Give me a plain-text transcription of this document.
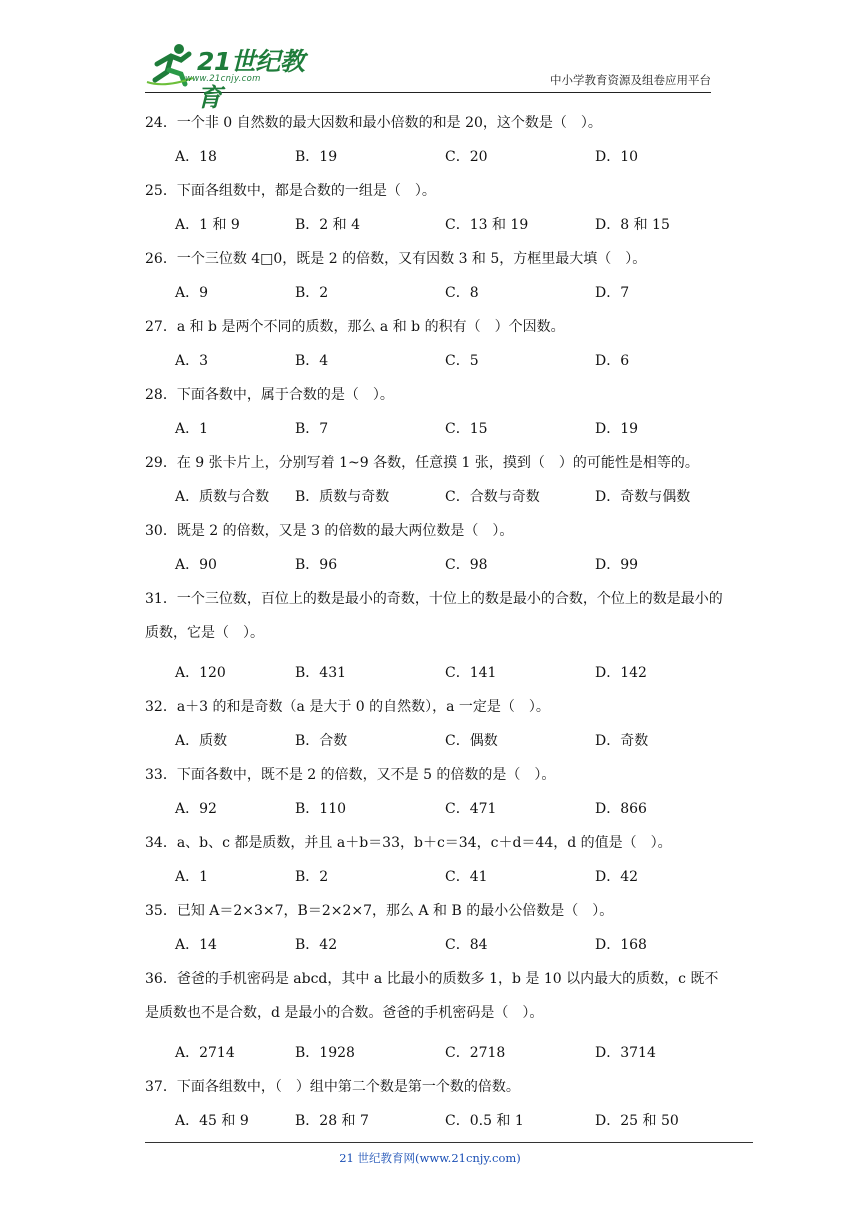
21世纪教育
www.21cnjy.com	中小学教育资源及组卷应用平台

24．一个非 0 自然数的最大因数和最小倍数的和是 20，这个数是（　）。

A．18	B．19	C．20	D．10

25．下面各组数中，都是合数的一组是（　）。

A．1 和 9	B．2 和 4	C．13 和 19	D．8 和 15

26．一个三位数 4□0，既是 2 的倍数，又有因数 3 和 5，方框里最大填（　）。

A．9	B．2	C．8	D．7

27．a 和 b 是两个不同的质数，那么 a 和 b 的积有（　）个因数。

A．3	B．4	C．5	D．6

28．下面各数中，属于合数的是（　）。

A．1	B．7	C．15	D．19

29．在 9 张卡片上，分别写着 1~9 各数，任意摸 1 张，摸到（　）的可能性是相等的。

A．质数与合数 B．质数与奇数	C．合数与奇数	D．奇数与偶数

30．既是 2 的倍数，又是 3 的倍数的最大两位数是（　）。

A．90	B．96	C．98	D．99

31．一个三位数，百位上的数是最小的奇数，十位上的数是最小的合数，个位上的数是最小的质数，它是（　）。

A．120	B．431	C．141	D．142

32．a＋3 的和是奇数（a 是大于 0 的自然数），a 一定是（　）。

A．质数	B．合数	C．偶数	D．奇数

33．下面各数中，既不是 2 的倍数，又不是 5 的倍数的是（　）。

A．92	B．110	C．471	D．866

34．a、b、c 都是质数，并且 a＋b＝33，b＋c＝34，c＋d＝44，d 的值是（　）。

A．1	B．2	C．41	D．42

35．已知 A＝2×3×7，B＝2×2×7，那么 A 和 B 的最小公倍数是（　）。

A．14	B．42	C．84	D．168

36．爸爸的手机密码是 abcd，其中 a 比最小的质数多 1，b 是 10 以内最大的质数，c 既不是质数也不是合数，d 是最小的合数。爸爸的手机密码是（　）。

A．2714	B．1928	C．2718	D．3714

37．下面各组数中，（　）组中第二个数是第一个数的倍数。

A．45 和 9	B．28 和 7	C．0.5 和 1	D．25 和 50
21 世纪教育网(www.21cnjy.com)
